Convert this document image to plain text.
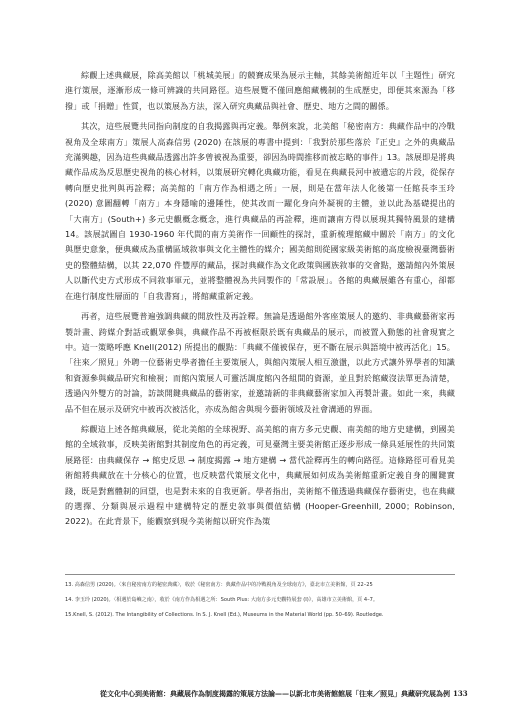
綜觀上述典藏展，除高美館以「桃城美展」的競賽成果為展示主軸，其餘美術館近年以「主題性」研究進行策展，逐漸形成一條可辨識的共同路徑。這些展覽不僅回應館藏機制的生成歷史，即便其來源為「移撥」或「捐贈」性質，也以策展為方法，深入研究典藏品與社會、歷史、地方之間的關係。

其次，這些展覽共同指向制度的自我揭露與再定義。舉例來說，北美館「秘密南方：典藏作品中的冷戰視角及全球南方」策展人高森信男 (2020) 在該展的專書中提到：「我對於那些落於『正史』之外的典藏品充滿興趣，因為這些典藏品透露出許多曾被視為重要，卻因為時間推移而被忘略的事件」13。該展即是將典藏作品成為反思歷史視角的核心材料，以策展研究轉化典藏功能，看見在典藏長河中被遺忘的片段，從保存轉向歷史批判與再詮釋；高美館的「南方作為相遇之所」一展，則是在當年法人化後第一任館長李玉玲 (2020) 意圖翻轉「南方」本身隱喻的邊陲性，使其改而一躍化身向外凝視的主體，並以此為基礎提出的「大南方」(South+) 多元史觀概念概念，進行典藏品的再詮釋，進而讓南方得以展現其獨特風景的建構 14。該展試圖自 1930-1960 年代間的南方美術作一回顧性的探討，重新梳理館藏中關於「南方」的文化與歷史意象，便典藏成為重構區域敘事與文化主體性的媒介；國美館則從國家級美術館的高度檢視臺灣藝術史的整體結構，以其 22,070 件豐厚的藏品，探討典藏作為文化政策與國族敘事的交會點，邀請館內外策展人以斷代史方式形成不同敘事軍元，並將整體視為共同製作的「常設展」。各館的典藏展雖各有重心，卻都在進行制度性層面的「自我書寫」，將館藏重新定義。

再者，這些展覽普遍強調典藏的開放性及再詮釋。無論是透過館外客座策展人的邀約、非典藏藝術家再製計畫、跨媒介對話或觀眾參與，典藏作品不再被框限於既有典藏品的展示，而被置入動態的社會現實之中。這一策略呼應 Knell(2012) 所提出的觀點：「典藏不僅被保存，更不斷在展示與語境中被再活化」15。「往來／照見」外聘一位藝術史學者擔任主要策展人，與館內策展人相互激盪，以此方式讓外界學者的知識和資源參與藏品研究和檢視；而館內策展人可靈活調度館內各組間的資源，並且對於館藏沒法單更為清楚，透過內外雙方的討論，訪談開鍵典藏品的藝術家，並邀請新的非典藏藝術家加入再製計畫。如此一來，典藏品不但在展示及研究中被再次被活化，亦成為館舍與現今藝術領域及社會溝通的界面。

綜觀這上述各館典藏展，從北美館的全球視野、高美館的南方多元史觀、南美館的地方史建構，到國美館的全域敘事，反映美術館對其制度角色的再定義，可見臺灣主要美術館正逐步形成一條具延展性的共同策展路徑：由典藏保存 → 館史反思 → 制度揭露 → 地方建構 → 當代詮釋再生的轉向路徑。這條路徑可看見美術館將典藏放在十分核心的位置，也反映當代策展文化中，典藏展如何成為美術館重新定義自身的關鍵實踐，既是對舊體制的回望，也是對未來的自我更新。學者指出，美術館不僅透過典藏保存藝術史，也在典藏的選擇、分類與展示過程中建構特定的歷史敘事與價值結構 (Hooper-Greenhill, 2000；Robinson, 2022)。在此背景下，能觀察到現今美術館以研究作為策

13. 高森信男 (2020)。〈來自秘密南方的秘密典藏〉，收於《秘密南方：典藏作品中的冷戰視角及全球南方》，臺北市立美術館，頁 22–25

14. 李玉玲 (2020)。〈相遇於島嶼之南〉，收於《南方作為相遇之所：South Plus: 大南方多元史觀特展套 (Ⅰ)》，高雄市立美術館，頁 4–7。

15.Knell, S. (2012). The Intangibility of Collections. In S. J. Knell (Ed.), Museums in the Material World (pp. 50–69). Routledge.

從文化中心到美術館：典藏展作為制度揭露的策展方法論——以新北市美術館館展「往來／照見」典藏研究展為例 133
